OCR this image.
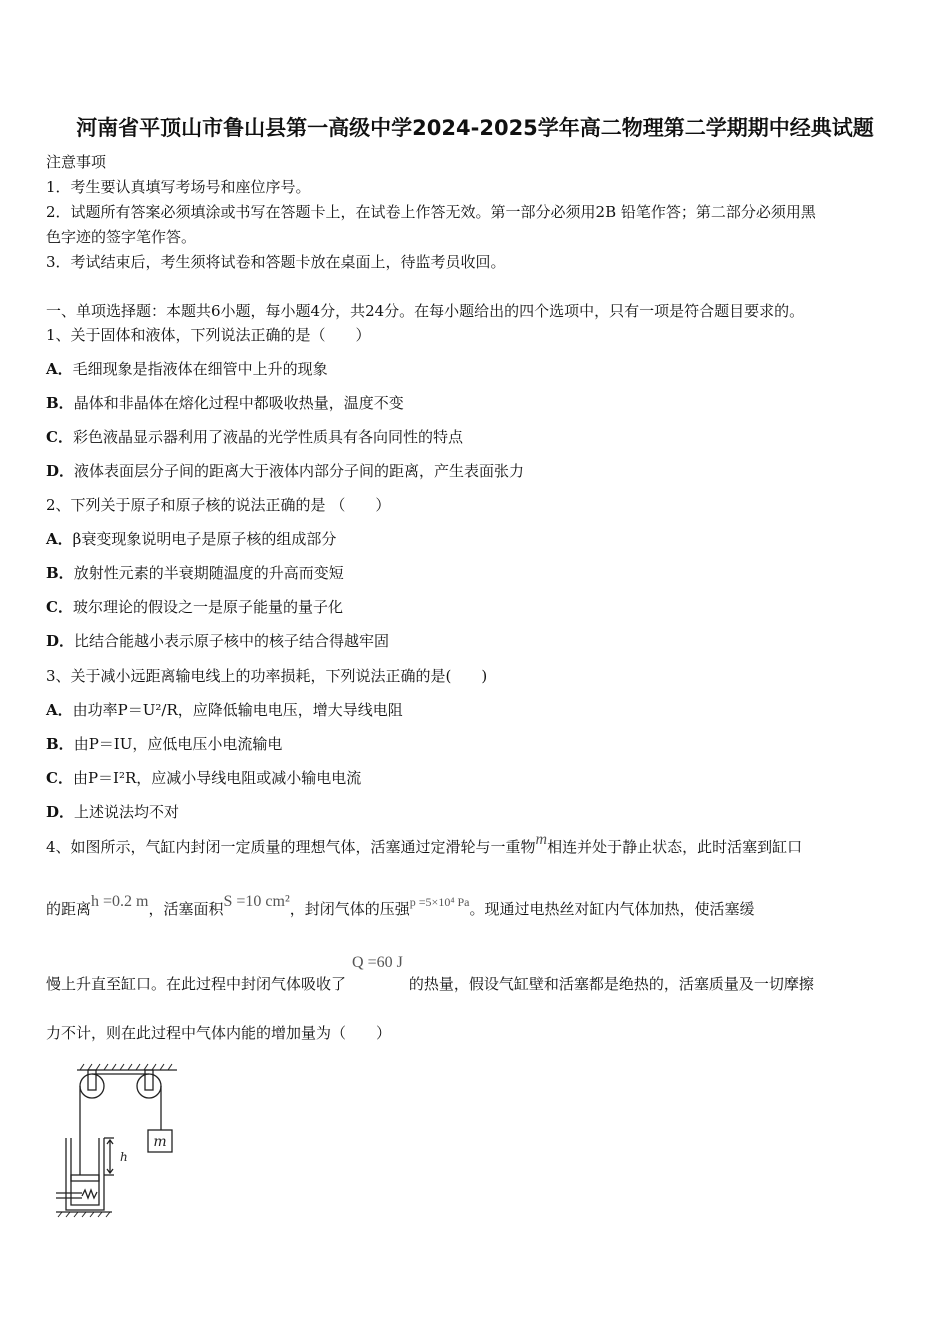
河南省平顶山市鲁山县第一高级中学2024-2025学年高二物理第二学期期中经典试题
注意事项
1．考生要认真填写考场号和座位序号。
2．试题所有答案必须填涂或书写在答题卡上，在试卷上作答无效。第一部分必须用2B 铅笔作答；第二部分必须用黑
色字迹的签字笔作答。
3．考试结束后，考生须将试卷和答题卡放在桌面上，待监考员收回。
一、单项选择题：本题共6小题，每小题4分，共24分。在每小题给出的四个选项中，只有一项是符合题目要求的。
1、关于固体和液体，下列说法正确的是（　　）
A．毛细现象是指液体在细管中上升的现象
B．晶体和非晶体在熔化过程中都吸收热量，温度不变
C．彩色液晶显示器利用了液晶的光学性质具有各向同性的特点
D．液体表面层分子间的距离大于液体内部分子间的距离，产生表面张力
2、下列关于原子和原子核的说法正确的是 （　　）
A．β衰变现象说明电子是原子核的组成部分
B．放射性元素的半衰期随温度的升高而变短
C．玻尔理论的假设之一是原子能量的量子化
D．比结合能越小表示原子核中的核子结合得越牢固
3、关于减小远距离输电线上的功率损耗，下列说法正确的是(　　)
A．由功率P＝U²/R，应降低输电电压，增大导线电阻
B．由P＝IU，应低电压小电流输电
C．由P＝I²R，应减小导线电阻或减小输电电流
D．上述说法均不对
4、如图所示，气缸内封闭一定质量的理想气体，活塞通过定滑轮与一重物m相连并处于静止状态，此时活塞到缸口
的距离h =0.2 m，活塞面积S =10 cm²，封闭气体的压强$^{p =5\times 10^4 Pa}$。现通过电热丝对缸内气体加热，使活塞缓
慢上升直至缸口。在此过程中封闭气体吸收了Q =60 J的热量，假设气缸壁和活塞都是绝热的，活塞质量及一切摩擦
力不计，则在此过程中气体内能的增加量为（　　）
m
h
